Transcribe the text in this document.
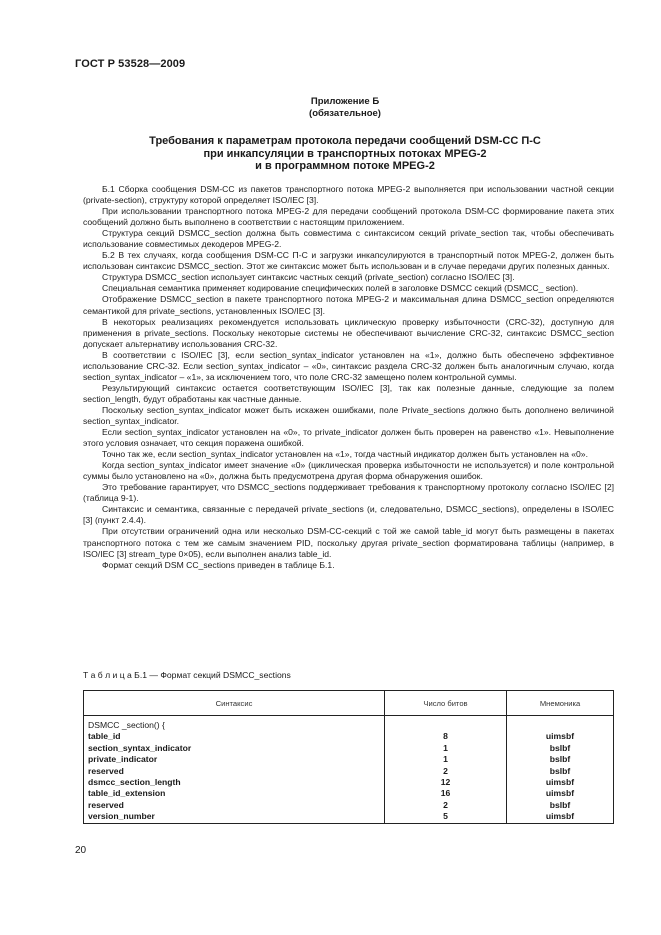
ГОСТ Р 53528—2009
Приложение Б
(обязательное)
Требования к параметрам протокола передачи сообщений DSM-CC П-С
при инкапсуляции в транспортных потоках MPEG-2
и в программном потоке MPEG-2

Б.1 Сборка сообщения DSM-CC из пакетов транспортного потока MPEG-2 выполняется при использовании частной секции (private-section), структуру которой определяет ISO/IEC [3].

При использовании транспортного потока MPEG-2 для передачи сообщений протокола DSM-CC формирование пакета этих сообщений должно быть выполнено в соответствии с настоящим приложением.

Структура секций DSMCC_section должна быть совместима с синтаксисом секций private_section так, чтобы обеспечивать использование совместимых декодеров MPEG-2.

Б.2 В тех случаях, когда сообщения DSM-CC П-С и загрузки инкапсулируются в транспортный поток MPEG-2, должен быть использован синтаксис DSMCC_section. Этот же синтаксис может быть использован и в случае передачи других полезных данных.

Структура DSMCC_section использует синтаксис частных секций (private_section) согласно ISO/IEC [3].

Специальная семантика применяет кодирование специфических полей в заголовке DSMCC секций (DSMCC_ section).

Отображение DSMCC_section в пакете транспортного потока MPEG-2 и максимальная длина DSMCC_section определяются семантикой для private_sections, установленных ISO/IEC [3].

В некоторых реализациях рекомендуется использовать циклическую проверку избыточности (CRC-32), доступную для применения в private_sections. Поскольку некоторые системы не обеспечивают вычисление CRC-32, синтаксис DSMCC_section допускает альтернативу использования CRC-32.

В соответствии с ISO/IEC [3], если section_syntax_indicator установлен на «1», должно быть обеспечено эффективное использование CRC-32. Если section_syntax_indicator – «0», синтаксис раздела CRC-32 должен быть аналогичным случаю, когда section_syntax_indicator – «1», за исключением того, что поле CRC-32 замещено полем контрольной суммы.

Результирующий синтаксис остается соответствующим ISO/IEC [3], так как полезные данные, следующие за полем section_length, будут обработаны как частные данные.

Поскольку section_syntax_indicator может быть искажен ошибками, поле Private_sections должно быть дополнено величиной section_syntax_indicator.

Если section_syntax_indicator установлен на «0», то private_indicator должен быть проверен на равенство «1». Невыполнение этого условия означает, что секция поражена ошибкой.

Точно так же, если section_syntax_indicator установлен на «1», тогда частный индикатор должен быть установлен на «0».

Когда section_syntax_indicator имеет значение «0» (циклическая проверка избыточности не используется) и поле контрольной суммы было установлено на «0», должна быть предусмотрена другая форма обнаружения ошибок.

Это требование гарантирует, что DSMCC_sections поддерживает требования к транспортному протоколу согласно ISO/IEC [2] (таблица 9-1).

Синтаксис и семантика, связанные с передачей private_sections (и, следовательно, DSMCC_sections), определены в ISO/IEC [3] (пункт 2.4.4).

При отсутствии ограничений одна или несколько DSM-CC-секций с той же самой table_id могут быть размещены в пакетах транспортного потока с тем же самым значением PID, поскольку другая private_section форматирована таблицы (например, в ISO/IEC [3] stream_type 0×05), если выполнен анализ table_id.

Формат секций DSM CC_sections приведен в таблице Б.1.

Т а б л и ц а Б.1 — Формат секций DSMCC_sections
Синтаксис	Число битов	Мнемоника

DSMCC _section() {		
table_id	8	uimsbf
section_syntax_indicator	1	bslbf
private_indicator	1	bslbf
reserved	2	bslbf
dsmcc_section_length	12	uimsbf
table_id_extension	16	uimsbf
reserved	2	bslbf
version_number	5	uimsbf
20
